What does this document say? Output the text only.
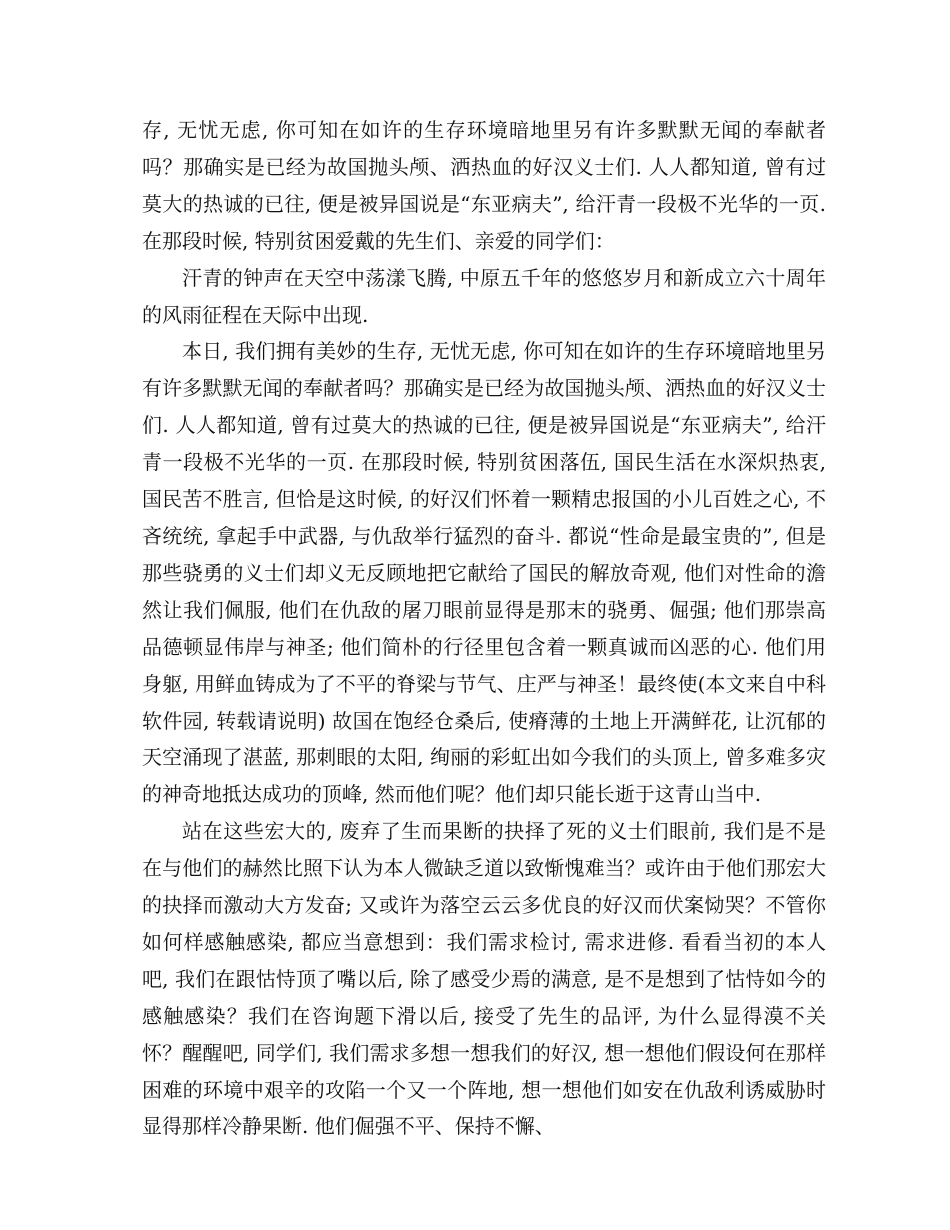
存, 无忧无虑, 你可知在如许的生存环境暗地里另有许多默默无闻的奉献者吗？那确实是已经为故国抛头颅、洒热血的好汉义士们. 人人都知道, 曾有过莫大的热诚的已往, 便是被异国说是“东亚病夫”, 给汗青一段极不光华的一页. 在那段时候, 特别贫困爱戴的先生们、亲爱的同学们：

汗青的钟声在天空中荡漾飞腾, 中原五千年的悠悠岁月和新成立六十周年的风雨征程在天际中出现.

本日, 我们拥有美妙的生存, 无忧无虑, 你可知在如许的生存环境暗地里另有许多默默无闻的奉献者吗？那确实是已经为故国抛头颅、洒热血的好汉义士们. 人人都知道, 曾有过莫大的热诚的已往, 便是被异国说是“东亚病夫”, 给汗青一段极不光华的一页. 在那段时候, 特别贫困落伍, 国民生活在水深炽热衷, 国民苦不胜言, 但恰是这时候, 的好汉们怀着一颗精忠报国的小儿百姓之心, 不吝统统, 拿起手中武器, 与仇敌举行猛烈的奋斗. 都说“性命是最宝贵的”, 但是那些骁勇的义士们却义无反顾地把它献给了国民的解放奇观, 他们对性命的澹然让我们佩服, 他们在仇敌的屠刀眼前显得是那末的骁勇、倔强; 他们那崇高品德顿显伟岸与神圣; 他们简朴的行径里包含着一颗真诚而凶恶的心. 他们用身躯, 用鲜血铸成为了不平的脊梁与节气、庄严与神圣！最终使(本文来自中科软件园, 转载请说明) 故国在饱经仓桑后, 使瘠薄的土地上开满鲜花, 让沉郁的天空涌现了湛蓝, 那刺眼的太阳, 绚丽的彩虹出如今我们的头顶上, 曾多难多灾的神奇地抵达成功的顶峰, 然而他们呢？他们却只能长逝于这青山当中.

站在这些宏大的, 废弃了生而果断的抉择了死的义士们眼前, 我们是不是在与他们的赫然比照下认为本人微缺乏道以致惭愧难当？或许由于他们那宏大的抉择而激动大方发奋; 又或许为落空云云多优良的好汉而伏案恸哭？不管你如何样感触感染, 都应当意想到：我们需求检讨, 需求进修. 看看当初的本人吧, 我们在跟怙恃顶了嘴以后, 除了感受少焉的满意, 是不是想到了怙恃如今的感触感染？我们在咨询题下滑以后, 接受了先生的品评, 为什么显得漠不关怀？醒醒吧, 同学们, 我们需求多想一想我们的好汉, 想一想他们假设何在那样困难的环境中艰辛的攻陷一个又一个阵地, 想一想他们如安在仇敌利诱威胁时显得那样冷静果断. 他们倔强不平、保持不懈、
